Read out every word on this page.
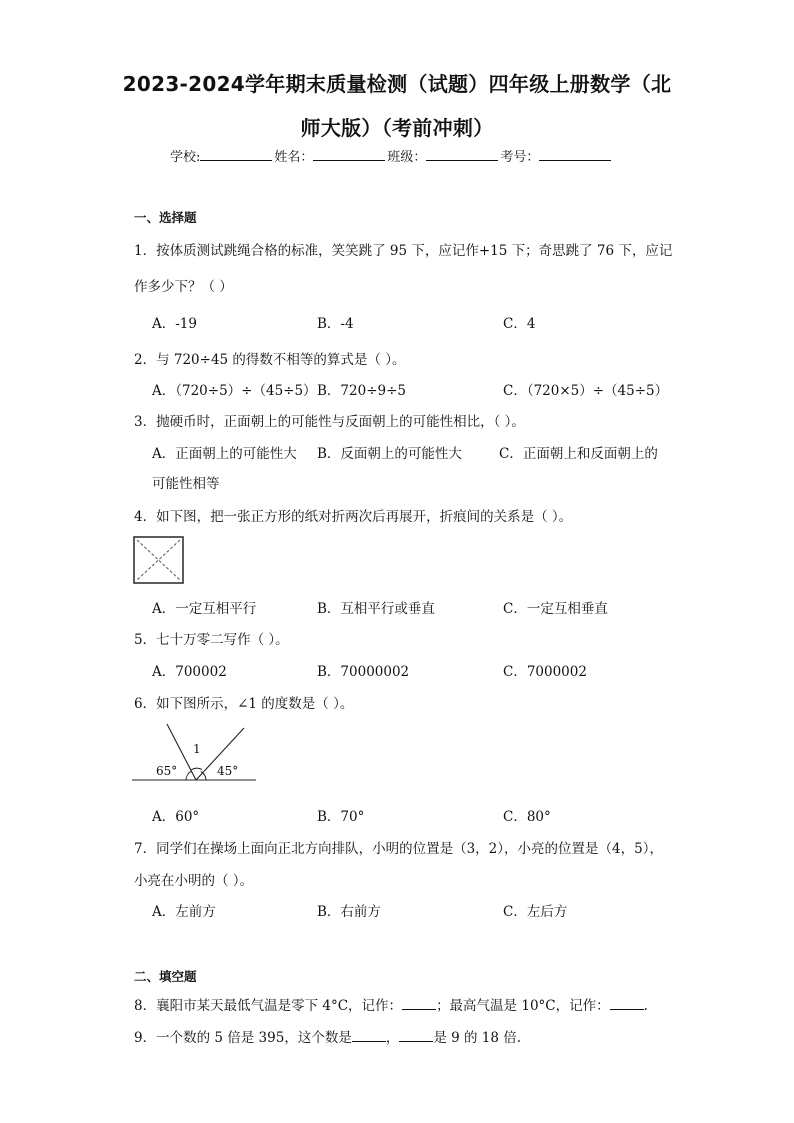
2023-2024学年期末质量检测（试题）四年级上册数学（北
师大版）（考前冲刺）
学校:	姓名：	班级：	考号：
一、选择题
1．按体质测试跳绳合格的标准，笑笑跳了 95 下，应记作+15 下；奇思跳了 76 下，应记
作多少下？（ ）
A．-19	B．-4	C．4
2．与 720÷45 的得数不相等的算式是（ ）。
A．（720÷5）÷（45÷5） B．720÷9÷5	C．（720×5）÷（45÷5）
3．抛硬币时，正面朝上的可能性与反面朝上的可能性相比，（ ）。
A．正面朝上的可能性大 B．反面朝上的可能性大	C．正面朝上和反面朝上的
可能性相等
4．如下图，把一张正方形的纸对折两次后再展开，折痕间的关系是（ ）。
A．一定互相平行	B．互相平行或垂直	C．一定互相垂直
5．七十万零二写作（ ）。
A．700002	B．70000002	C．7000002
6．如下图所示，∠1 的度数是（ ）。
1
65°	45°
A．60°	B．70°	C．80°
7．同学们在操场上面向正北方向排队，小明的位置是（3，2），小亮的位置是（4，5），
小亮在小明的（ ）。
A．左前方	B．右前方	C．左后方
二、填空题
8．襄阳市某天最低气温是零下 4°C，记作：	；最高气温是 10°C，记作：	.
9．一个数的 5 倍是 395，这个数是	，	是 9 的 18 倍.
